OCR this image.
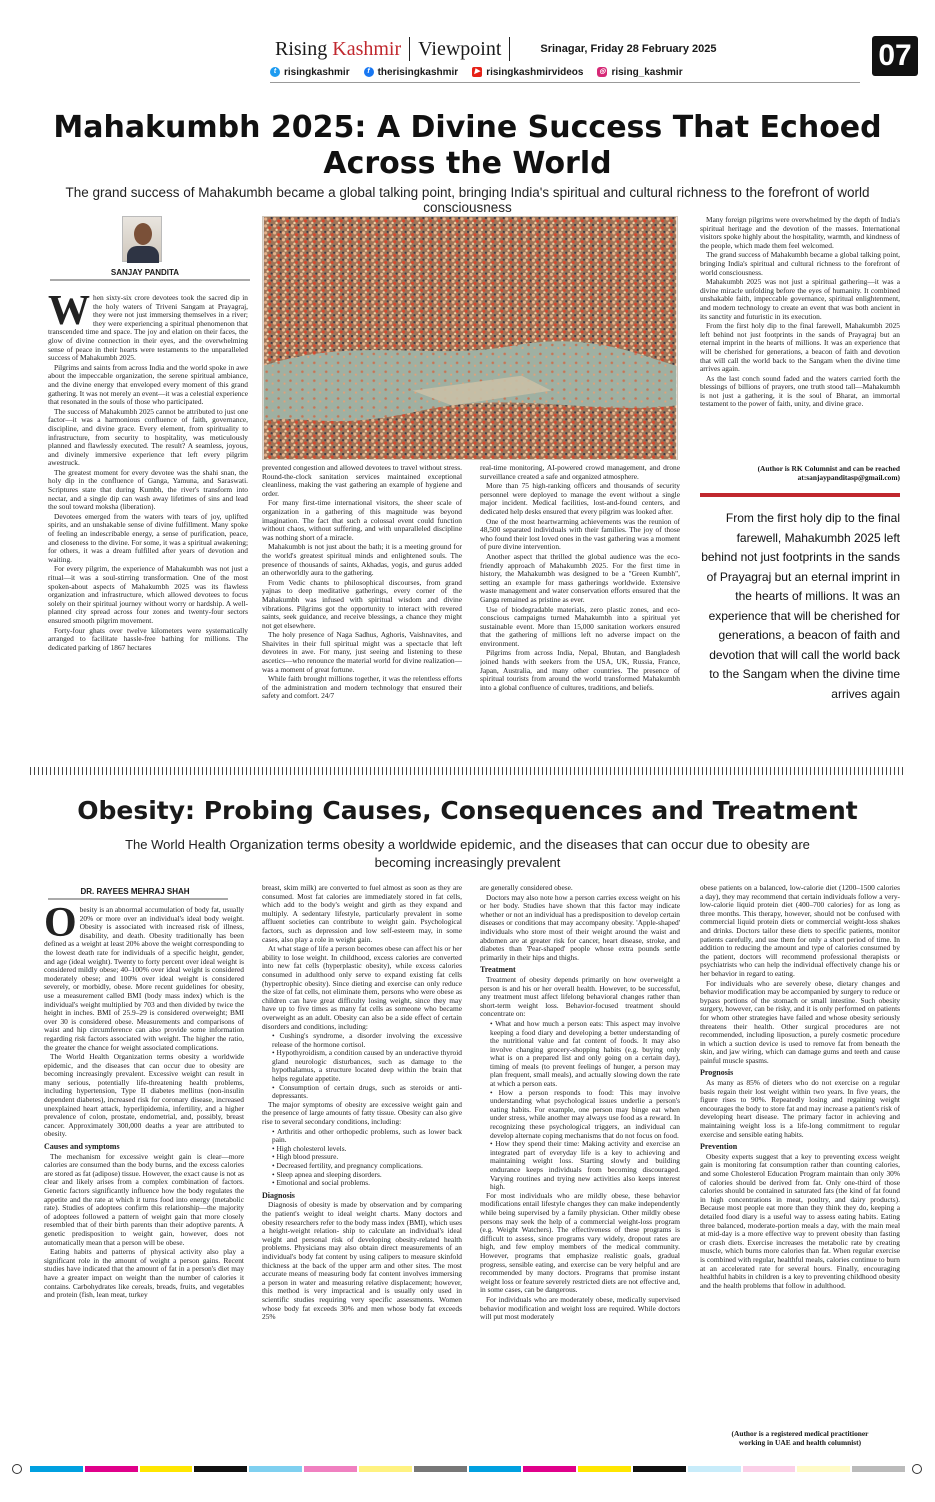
Rising Kashmir Viewpoint	Srinagar, Friday 28 February 2025	07
t risingkashmir	f therisingkashmir	▶ risingkashmirvideos ◎ rising_kashmir
Mahakumbh 2025: A Divine Success That Echoed Across the World
The grand success of Mahakumbh became a global talking point, bringing India's spiritual and cultural richness to the forefront of world consciousness
SANJAY PANDITA

When sixty-six crore devotees took the sacred dip in the holy waters of Triveni Sangam at Prayagraj, they were not just immersing themselves in a river; they were experiencing a spiritual phenomenon that transcended time and space. The joy and elation on their faces, the glow of divine connection in their eyes, and the overwhelming sense of peace in their hearts were testaments to the unparalleled success of Mahakumbh 2025.

Pilgrims and saints from across India and the world spoke in awe about the impeccable organization, the serene spiritual ambiance, and the divine energy that enveloped every moment of this grand gathering. It was not merely an event—it was a celestial experience that resonated in the souls of those who participated.

The success of Mahakumbh 2025 cannot be attributed to just one factor—it was a harmonious confluence of faith, governance, discipline, and divine grace. Every element, from spirituality to infrastructure, from security to hospitality, was meticulously planned and flawlessly executed. The result? A seamless, joyous, and divinely immersive experience that left every pilgrim awestruck.

The greatest moment for every devotee was the shahi snan, the holy dip in the confluence of Ganga, Yamuna, and Saraswati. Scriptures state that during Kumbh, the river's transform into nectar, and a single dip can wash away lifetimes of sins and lead the soul toward moksha (liberation).

Devotees emerged from the waters with tears of joy, uplifted spirits, and an unshakable sense of divine fulfillment. Many spoke of feeling an indescribable energy, a sense of purification, peace, and closeness to the divine. For some, it was a spiritual awakening; for others, it was a dream fulfilled after years of devotion and waiting.

For every pilgrim, the experience of Mahakumbh was not just a ritual—it was a soul-stirring transformation. One of the most spoken-about aspects of Mahakumbh 2025 was its flawless organization and infrastructure, which allowed devotees to focus solely on their spiritual journey without worry or hardship. A well-planned city spread across four zones and twenty-four sectors ensured smooth pilgrim movement.

Forty-four ghats over twelve kilometers were systematically arranged to facilitate hassle-free bathing for millions. The dedicated parking of 1867 hectares

prevented congestion and allowed devotees to travel without stress. Round-the-clock sanitation services maintained exceptional cleanliness, making the vast gathering an example of hygiene and order.

For many first-time international visitors, the sheer scale of organization in a gathering of this magnitude was beyond imagination. The fact that such a colossal event could function without chaos, without suffering, and with unparalleled discipline was nothing short of a miracle.

Mahakumbh is not just about the bath; it is a meeting ground for the world's greatest spiritual minds and enlightened souls. The presence of thousands of saints, Akhadas, yogis, and gurus added an otherworldly aura to the gathering.

From Vedic chants to philosophical discourses, from grand yajnas to deep meditative gatherings, every corner of the Mahakumbh was infused with spiritual wisdom and divine vibrations. Pilgrims got the opportunity to interact with revered saints, seek guidance, and receive blessings, a chance they might not get elsewhere.

The holy presence of Naga Sadhus, Aghoris, Vaishnavites, and Shaivites in their full spiritual might was a spectacle that left devotees in awe. For many, just seeing and listening to these ascetics—who renounce the material world for divine realization—was a moment of great fortune.

While faith brought millions together, it was the relentless efforts of the administration and modern technology that ensured their safety and comfort. 24/7

real-time monitoring, AI-powered crowd management, and drone surveillance created a safe and organized atmosphere.

More than 75 high-ranking officers and thousands of security personnel were deployed to manage the event without a single major incident. Medical facilities, lost-and-found centers, and dedicated help desks ensured that every pilgrim was looked after.

One of the most heartwarming achievements was the reunion of 48,500 separated individuals with their families. The joy of those who found their lost loved ones in the vast gathering was a moment of pure divine intervention.

Another aspect that thrilled the global audience was the eco-friendly approach of Mahakumbh 2025. For the first time in history, the Mahakumbh was designed to be a "Green Kumbh", setting an example for mass gatherings worldwide. Extensive waste management and water conservation efforts ensured that the Ganga remained as pristine as ever.

Use of biodegradable materials, zero plastic zones, and eco-conscious campaigns turned Mahakumbh into a spiritual yet sustainable event. More than 15,000 sanitation workers ensured that the gathering of millions left no adverse impact on the environment.

Pilgrims from across India, Nepal, Bhutan, and Bangladesh joined hands with seekers from the USA, UK, Russia, France, Japan, Australia, and many other countries. The presence of spiritual tourists from around the world transformed Mahakumbh into a global confluence of cultures, traditions, and beliefs.

Many foreign pilgrims were overwhelmed by the depth of India's spiritual heritage and the devotion of the masses. International visitors spoke highly about the hospitality, warmth, and kindness of the people, which made them feel welcomed.

The grand success of Mahakumbh became a global talking point, bringing India's spiritual and cultural richness to the forefront of world consciousness.

Mahakumbh 2025 was not just a spiritual gathering—it was a divine miracle unfolding before the eyes of humanity. It combined unshakable faith, impeccable governance, spiritual enlightenment, and modern technology to create an event that was both ancient in its sanctity and futuristic in its execution.

From the first holy dip to the final farewell, Mahakumbh 2025 left behind not just footprints in the sands of Prayagraj but an eternal imprint in the hearts of millions. It was an experience that will be cherished for generations, a beacon of faith and devotion that will call the world back to the Sangam when the divine time arrives again.

As the last conch sound faded and the waters carried forth the blessings of billions of prayers, one truth stood tall—Mahakumbh is not just a gathering, it is the soul of Bharat, an immortal testament to the power of faith, unity, and divine grace.

(Author is RK Columnist and can be reached
at:sanjaypanditasp@gmail.com)
From the first holy dip to the final farewell, Mahakumbh 2025 left behind not just footprints in the sands of Prayagraj but an eternal imprint in the hearts of millions. It was an experience that will be cherished for generations, a beacon of faith and devotion that will call the world back to the Sangam when the divine time arrives again
Obesity: Probing Causes, Consequences and Treatment
The World Health Organization terms obesity a worldwide epidemic, and the diseases that can occur due to obesity are becoming increasingly prevalent
DR. RAYEES MEHRAJ SHAH

Obesity is an abnormal accumulation of body fat, usually 20% or more over an individual's ideal body weight. Obesity is associated with increased risk of illness, disability, and death. Obesity traditionally has been defined as a weight at least 20% above the weight corresponding to the lowest death rate for individuals of a specific height, gender, and age (ideal weight). Twenty to forty percent over ideal weight is considered mildly obese; 40–100% over ideal weight is considered moderately obese; and 100% over ideal weight is considered severely, or morbidly, obese. More recent guidelines for obesity, use a measurement called BMI (body mass index) which is the individual's weight multiplied by 703 and then divided by twice the height in inches. BMI of 25.9–29 is considered overweight; BMI over 30 is considered obese. Measurements and comparisons of waist and hip circumference can also provide some information regarding risk factors associated with weight. The higher the ratio, the greater the chance for weight associated complications.

The World Health Organization terms obesity a worldwide epidemic, and the diseases that can occur due to obesity are becoming increasingly prevalent. Excessive weight can result in many serious, potentially life-threatening health problems, including hypertension, Type II diabetes mellitus (non-insulin dependent diabetes), increased risk for coronary disease, increased unexplained heart attack, hyperlipidemia, infertility, and a higher prevalence of colon, prostate, endometrial, and, possibly, breast cancer. Approximately 300,000 deaths a year are attributed to obesity.

Causes and symptoms

The mechanism for excessive weight gain is clear—more calories are consumed than the body burns, and the excess calories are stored as fat (adipose) tissue. However, the exact cause is not as clear and likely arises from a complex combination of factors. Genetic factors significantly influence how the body regulates the appetite and the rate at which it turns food into energy (metabolic rate). Studies of adoptees confirm this relationship—the majority of adoptees followed a pattern of weight gain that more closely resembled that of their birth parents than their adoptive parents. A genetic predisposition to weight gain, however, does not automatically mean that a person will be obese.

Eating habits and patterns of physical activity also play a significant role in the amount of weight a person gains. Recent studies have indicated that the amount of fat in a person's diet may have a greater impact on weight than the number of calories it contains. Carbohydrates like cereals, breads, fruits, and vegetables and protein (fish, lean meat, turkey

breast, skim milk) are converted to fuel almost as soon as they are consumed. Most fat calories are immediately stored in fat cells, which add to the body's weight and girth as they expand and multiply. A sedentary lifestyle, particularly prevalent in some affluent societies can contribute to weight gain. Psychological factors, such as depression and low self-esteem may, in some cases, also play a role in weight gain.

At what stage of life a person becomes obese can affect his or her ability to lose weight. In childhood, excess calories are converted into new fat cells (hyperplastic obesity), while excess calories consumed in adulthood only serve to expand existing fat cells (hypertrophic obesity). Since dieting and exercise can only reduce the size of fat cells, not eliminate them, persons who were obese as children can have great difficulty losing weight, since they may have up to five times as many fat cells as someone who became overweight as an adult. Obesity can also be a side effect of certain disorders and conditions, including:

• Cushing's syndrome, a disorder involving the excessive release of the hormone cortisol.
• Hypothyroidism, a condition caused by an underactive thyroid gland neurologic disturbances, such as damage to the hypothalamus, a structure located deep within the brain that helps regulate appetite.
• Consumption of certain drugs, such as steroids or anti-depressants.

The major symptoms of obesity are excessive weight gain and the presence of large amounts of fatty tissue. Obesity can also give rise to several secondary conditions, including:

• Arthritis and other orthopedic problems, such as lower back pain.
• High cholesterol levels.
• High blood pressure.
• Decreased fertility, and pregnancy complications.
• Sleep apnea and sleeping disorders.
• Emotional and social problems.
Diagnosis

Diagnosis of obesity is made by observation and by comparing the patient's weight to ideal weight charts. Many doctors and obesity researchers refer to the body mass index (BMI), which uses a height-weight relation- ship to calculate an individual's ideal weight and personal risk of developing obesity-related health problems. Physicians may also obtain direct measurements of an individual's body fat content by using calipers to measure skinfold thickness at the back of the upper arm and other sites. The most accurate means of measuring body fat content involves immersing a person in water and measuring relative displacement; however, this method is very impractical and is usually only used in scientific studies requiring very specific assessments. Women whose body fat exceeds 30% and men whose body fat exceeds 25%

are generally considered obese.

Doctors may also note how a person carries excess weight on his or her body. Studies have shown that this factor may indicate whether or not an individual has a predisposition to develop certain diseases or conditions that may accompany obesity. 'Apple-shaped' individuals who store most of their weight around the waist and abdomen are at greater risk for cancer, heart disease, stroke, and diabetes than 'Pear-shaped' people whose extra pounds settle primarily in their hips and thighs.

Treatment

Treatment of obesity depends primarily on how overweight a person is and his or her overall health. However, to be successful, any treatment must affect lifelong behavioral changes rather than short-term weight loss. Behavior-focused treatment should concentrate on:

• What and how much a person eats: This aspect may involve keeping a food diary and developing a better understanding of the nutritional value and fat content of foods. It may also involve changing grocery-shopping habits (e.g. buying only what is on a prepared list and only going on a certain day), timing of meals (to prevent feelings of hunger, a person may plan frequent, small meals), and actually slowing down the rate at which a person eats.
• How a person responds to food: This may involve understanding what psychological issues underlie a person's eating habits. For example, one person may binge eat when under stress, while another may always use food as a reward. In recognizing these psychological triggers, an individual can develop alternate coping mechanisms that do not focus on food.
• How they spend their time: Making activity and exercise an integrated part of everyday life is a key to achieving and maintaining weight loss. Starting slowly and building endurance keeps individuals from becoming discouraged. Varying routines and trying new activities also keeps interest high.

For most individuals who are mildly obese, these behavior modifications entail lifestyle changes they can make independently while being supervised by a family physician. Other mildly obese persons may seek the help of a commercial weight-loss program (e.g. Weight Watchers). The effectiveness of these programs is difficult to assess, since programs vary widely, dropout rates are high, and few employ members of the medical community. However, programs that emphasize realistic goals, gradual progress, sensible eating, and exercise can be very helpful and are recommended by many doctors. Programs that promise instant weight loss or feature severely restricted diets are not effective and, in some cases, can be dangerous.

For individuals who are moderately obese, medically supervised behavior modification and weight loss are required. While doctors will put most moderately

obese patients on a balanced, low-calorie diet (1200–1500 calories a day), they may recommend that certain individuals follow a very-low-calorie liquid protein diet (400–700 calories) for as long as three months. This therapy, however, should not be confused with commercial liquid protein diets or commercial weight-loss shakes and drinks. Doctors tailor these diets to specific patients, monitor patients carefully, and use them for only a short period of time. In addition to reducing the amount and type of calories consumed by the patient, doctors will recommend professional therapists or psychiatrists who can help the individual effectively change his or her behavior in regard to eating.

For individuals who are severely obese, dietary changes and behavior modification may be accompanied by surgery to reduce or bypass portions of the stomach or small intestine. Such obesity surgery, however, can be risky, and it is only performed on patients for whom other strategies have failed and whose obesity seriously threatens their health. Other surgical procedures are not recommended, including liposuction, a purely cosmetic procedure in which a suction device is used to remove fat from beneath the skin, and jaw wiring, which can damage gums and teeth and cause painful muscle spasms.

Prognosis

As many as 85% of dieters who do not exercise on a regular basis regain their lost weight within two years. In five years, the figure rises to 90%. Repeatedly losing and regaining weight encourages the body to store fat and may increase a patient's risk of developing heart disease. The primary factor in achieving and maintaining weight loss is a life-long commitment to regular exercise and sensible eating habits.

Prevention

Obesity experts suggest that a key to preventing excess weight gain is monitoring fat consumption rather than counting calories, and some Cholesterol Education Program maintain than only 30% of calories should be derived from fat. Only one-third of those calories should be contained in saturated fats (the kind of fat found in high concentrations in meat, poultry, and dairy products). Because most people eat more than they think they do, keeping a detailed food diary is a useful way to assess eating habits. Eating three balanced, moderate-portion meals a day, with the main meal at mid-day is a more effective way to prevent obesity than fasting or crash diets. Exercise increases the metabolic rate by creating muscle, which burns more calories than fat. When regular exercise is combined with regular, healthful meals, calories continue to burn at an accelerated rate for several hours. Finally, encouraging healthful habits in children is a key to preventing childhood obesity and the health problems that follow in adulthood.

(Author is a registered medical practitioner
working in UAE and health columnist)
